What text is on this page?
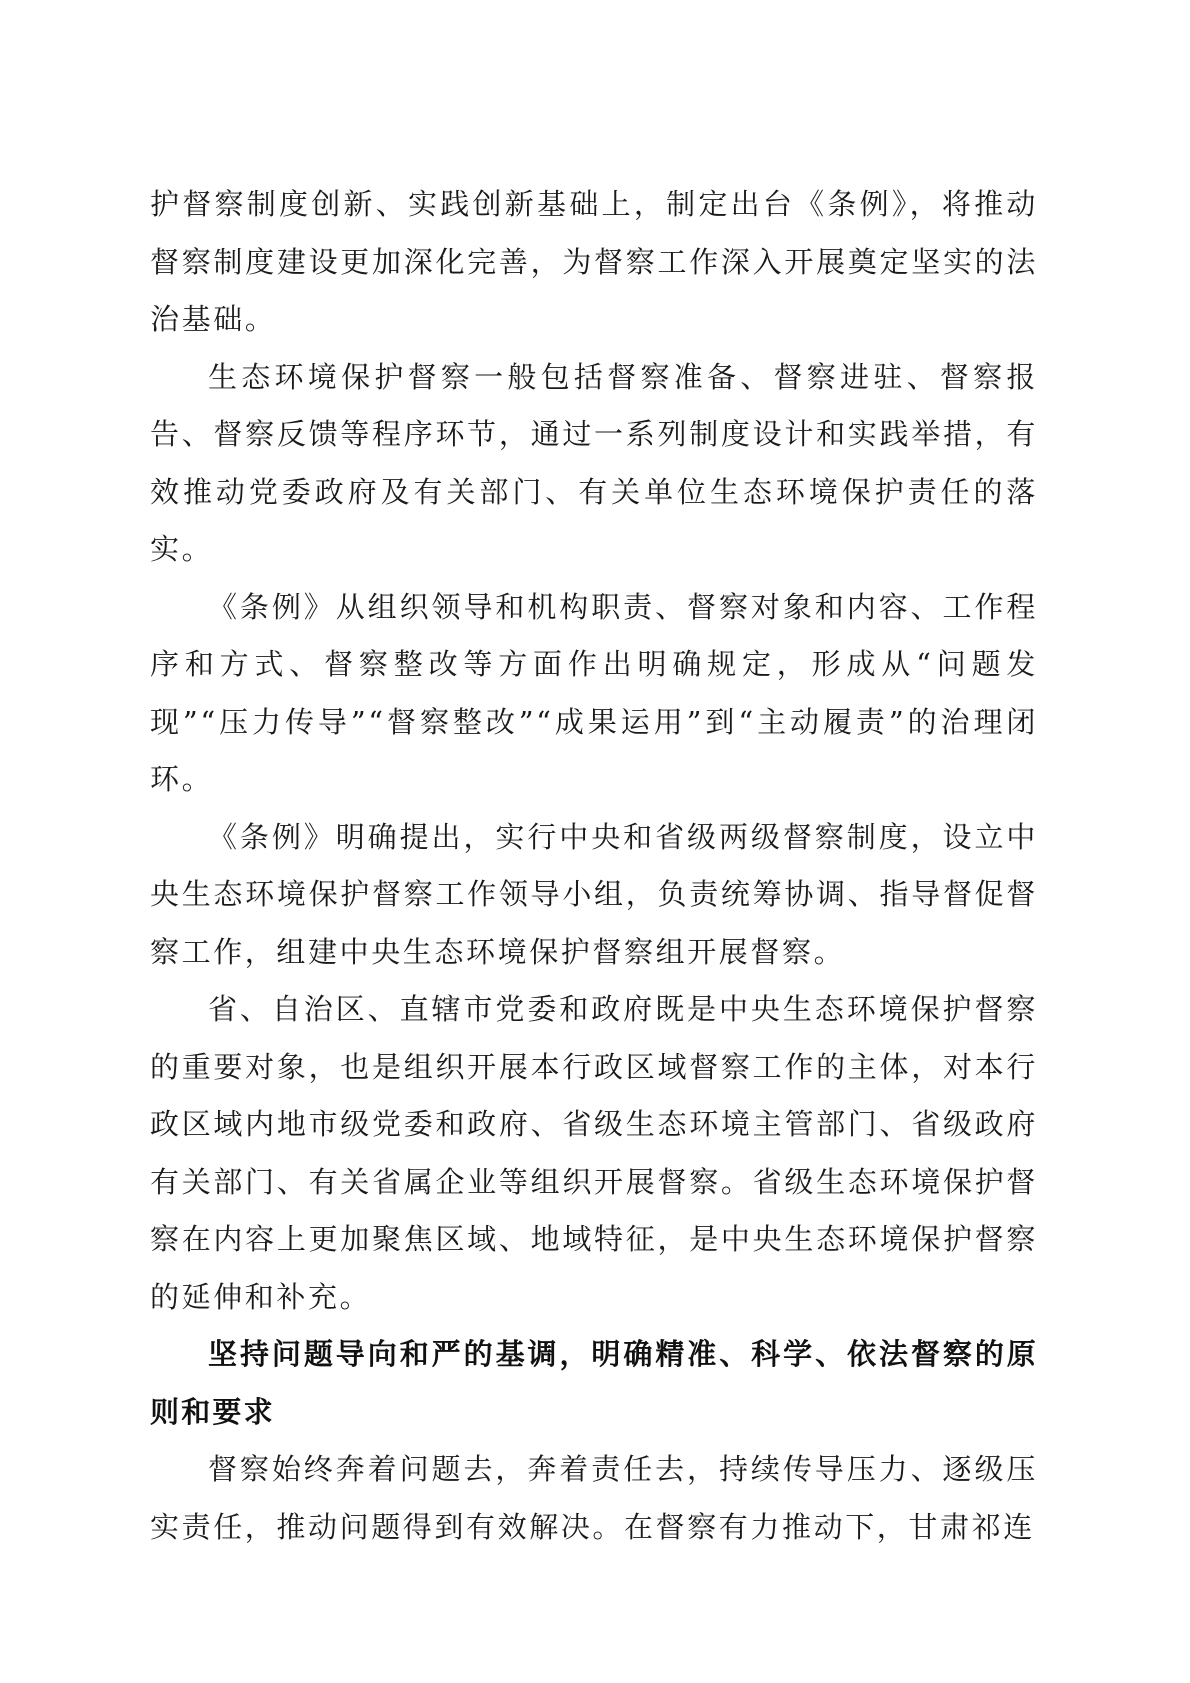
护督察制度创新、实践创新基础上，制定出台《条例》，将推动督察制度建设更加深化完善，为督察工作深入开展奠定坚实的法治基础。

生态环境保护督察一般包括督察准备、督察进驻、督察报告、督察反馈等程序环节，通过一系列制度设计和实践举措，有效推动党委政府及有关部门、有关单位生态环境保护责任的落实。

《条例》从组织领导和机构职责、督察对象和内容、工作程序和方式、督察整改等方面作出明确规定，形成从“问题发现”“压力传导”“督察整改”“成果运用”到“主动履责”的治理闭环。

《条例》明确提出，实行中央和省级两级督察制度，设立中央生态环境保护督察工作领导小组，负责统筹协调、指导督促督察工作，组建中央生态环境保护督察组开展督察。

省、自治区、直辖市党委和政府既是中央生态环境保护督察的重要对象，也是组织开展本行政区域督察工作的主体，对本行政区域内地市级党委和政府、省级生态环境主管部门、省级政府有关部门、有关省属企业等组织开展督察。省级生态环境保护督察在内容上更加聚焦区域、地域特征，是中央生态环境保护督察的延伸和补充。

坚持问题导向和严的基调，明确精准、科学、依法督察的原则和要求

督察始终奔着问题去，奔着责任去，持续传导压力、逐级压实责任，推动问题得到有效解决。在督察有力推动下，甘肃祁连
